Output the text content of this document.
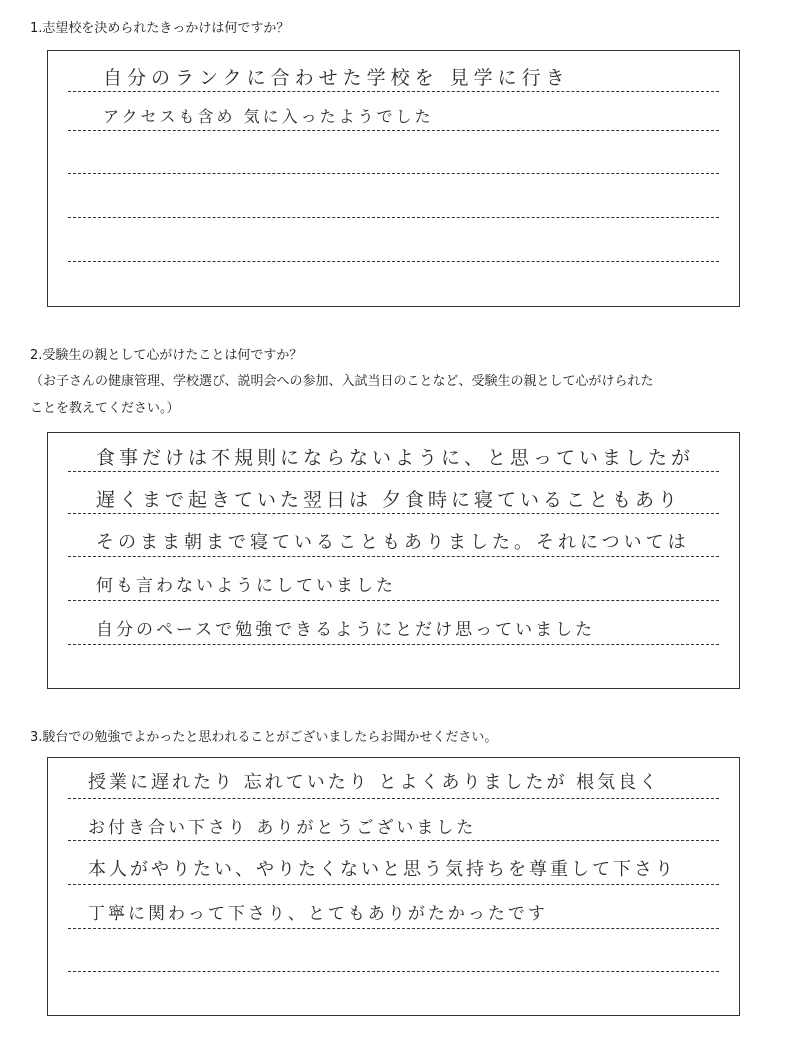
1.志望校を決められたきっかけは何ですか？

自分のランクに合わせた学校を 見学に行き
アクセスも含め 気に入ったようでした

2.受験生の親として心がけたことは何ですか？

（お子さんの健康管理、学校選び、説明会への参加、入試当日のことなど、受験生の親として心がけられた

ことを教えてください。）

食事だけは不規則にならないように、と思っていましたが
遅くまで起きていた翌日は 夕食時に寝ていることもあり
そのまま朝まで寝ていることもありました。それについては
何も言わないようにしていました
自分のペースで勉強できるようにとだけ思っていました

3.駿台での勉強でよかったと思われることがございましたらお聞かせください。

授業に遅れたり 忘れていたり とよくありましたが 根気良く
お付き合い下さり ありがとうございました
本人がやりたい、やりたくないと思う気持ちを尊重して下さり
丁寧に関わって下さり、とてもありがたかったです
